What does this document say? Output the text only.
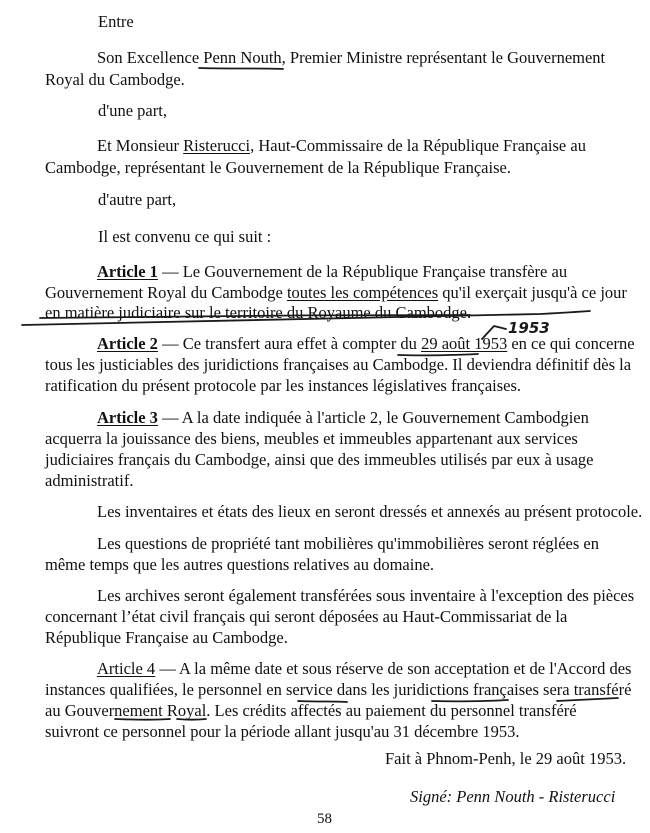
Entre

Son Excellence Penn Nouth, Premier Ministre représentant le Gouvernement

Royal du Cambodge.

d'une part,

Et Monsieur Risterucci, Haut-Commissaire de la République Française au

Cambodge, représentant le Gouvernement de la République Française.

d'autre part,

Il est convenu ce qui suit :

Article 1 — Le Gouvernement de la République Française transfère au

Gouvernement Royal du Cambodge toutes les compétences qu'il exerçait jusqu'à ce jour

en matière judiciaire sur le territoire du Royaume du Cambodge.

Article 2 — Ce transfert aura effet à compter du 29 août 1953 en ce qui concerne

tous les justiciables des juridictions françaises au Cambodge. Il deviendra définitif dès la

ratification du présent protocole par les instances législatives françaises.

Article 3 — A la date indiquée à l'article 2, le Gouvernement Cambodgien

acquerra la jouissance des biens, meubles et immeubles appartenant aux services

judiciaires français du Cambodge, ainsi que des immeubles utilisés par eux à usage

administratif.

Les inventaires et états des lieux en seront dressés et annexés au présent protocole.

Les questions de propriété tant mobilières qu'immobilières seront réglées en

même temps que les autres questions relatives au domaine.

Les archives seront également transférées sous inventaire à l'exception des pièces

concernant l’état civil français qui seront déposées au Haut-Commissariat de la

République Française au Cambodge.

Article 4 — A la même date et sous réserve de son acceptation et de l'Accord des

instances qualifiées, le personnel en service dans les juridictions françaises sera transféré

au Gouvernement Royal. Les crédits affectés au paiement du personnel transféré

suivront ce personnel pour la période allant jusqu'au 31 décembre 1953.

Fait à Phnom-Penh, le 29 août 1953.

Signé: Penn Nouth - Risterucci

58

1953
